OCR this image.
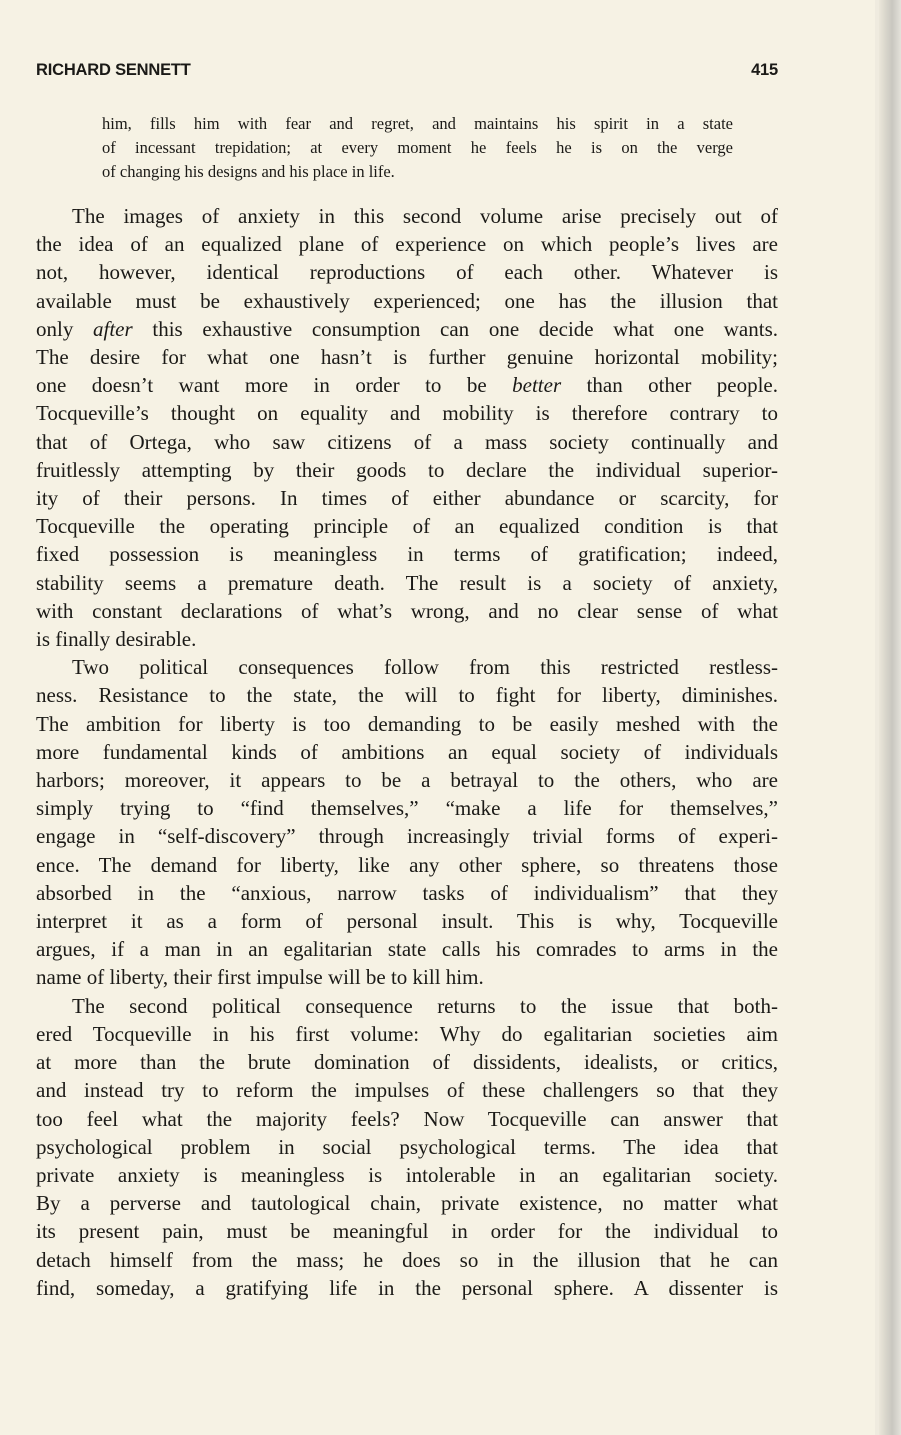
RICHARD SENNETT	415
him, fills him with fear and regret, and maintains his spirit in a state
of incessant trepidation; at every moment he feels he is on the verge
of changing his designs and his place in life.
The images of anxiety in this second volume arise precisely out of
the idea of an equalized plane of experience on which people’s lives are
not, however, identical reproductions of each other. Whatever is
available must be exhaustively experienced; one has the illusion that
only after this exhaustive consumption can one decide what one wants.
The desire for what one hasn’t is further genuine horizontal mobility;
one doesn’t want more in order to be better than other people.
Tocqueville’s thought on equality and mobility is therefore contrary to
that of Ortega, who saw citizens of a mass society continually and
fruitlessly attempting by their goods to declare the individual superior-
ity of their persons. In times of either abundance or scarcity, for
Tocqueville the operating principle of an equalized condition is that
fixed possession is meaningless in terms of gratification; indeed,
stability seems a premature death. The result is a society of anxiety,
with constant declarations of what’s wrong, and no clear sense of what
is finally desirable.
Two political consequences follow from this restricted restless-
ness. Resistance to the state, the will to fight for liberty, diminishes.
The ambition for liberty is too demanding to be easily meshed with the
more fundamental kinds of ambitions an equal society of individuals
harbors; moreover, it appears to be a betrayal to the others, who are
simply trying to “find themselves,” “make a life for themselves,”
engage in “self-discovery” through increasingly trivial forms of experi-
ence. The demand for liberty, like any other sphere, so threatens those
absorbed in the “anxious, narrow tasks of individualism” that they
interpret it as a form of personal insult. This is why, Tocqueville
argues, if a man in an egalitarian state calls his comrades to arms in the
name of liberty, their first impulse will be to kill him.
The second political consequence returns to the issue that both-
ered Tocqueville in his first volume: Why do egalitarian societies aim
at more than the brute domination of dissidents, idealists, or critics,
and instead try to reform the impulses of these challengers so that they
too feel what the majority feels? Now Tocqueville can answer that
psychological problem in social psychological terms. The idea that
private anxiety is meaningless is intolerable in an egalitarian society.
By a perverse and tautological chain, private existence, no matter what
its present pain, must be meaningful in order for the individual to
detach himself from the mass; he does so in the illusion that he can
find, someday, a gratifying life in the personal sphere. A dissenter is
